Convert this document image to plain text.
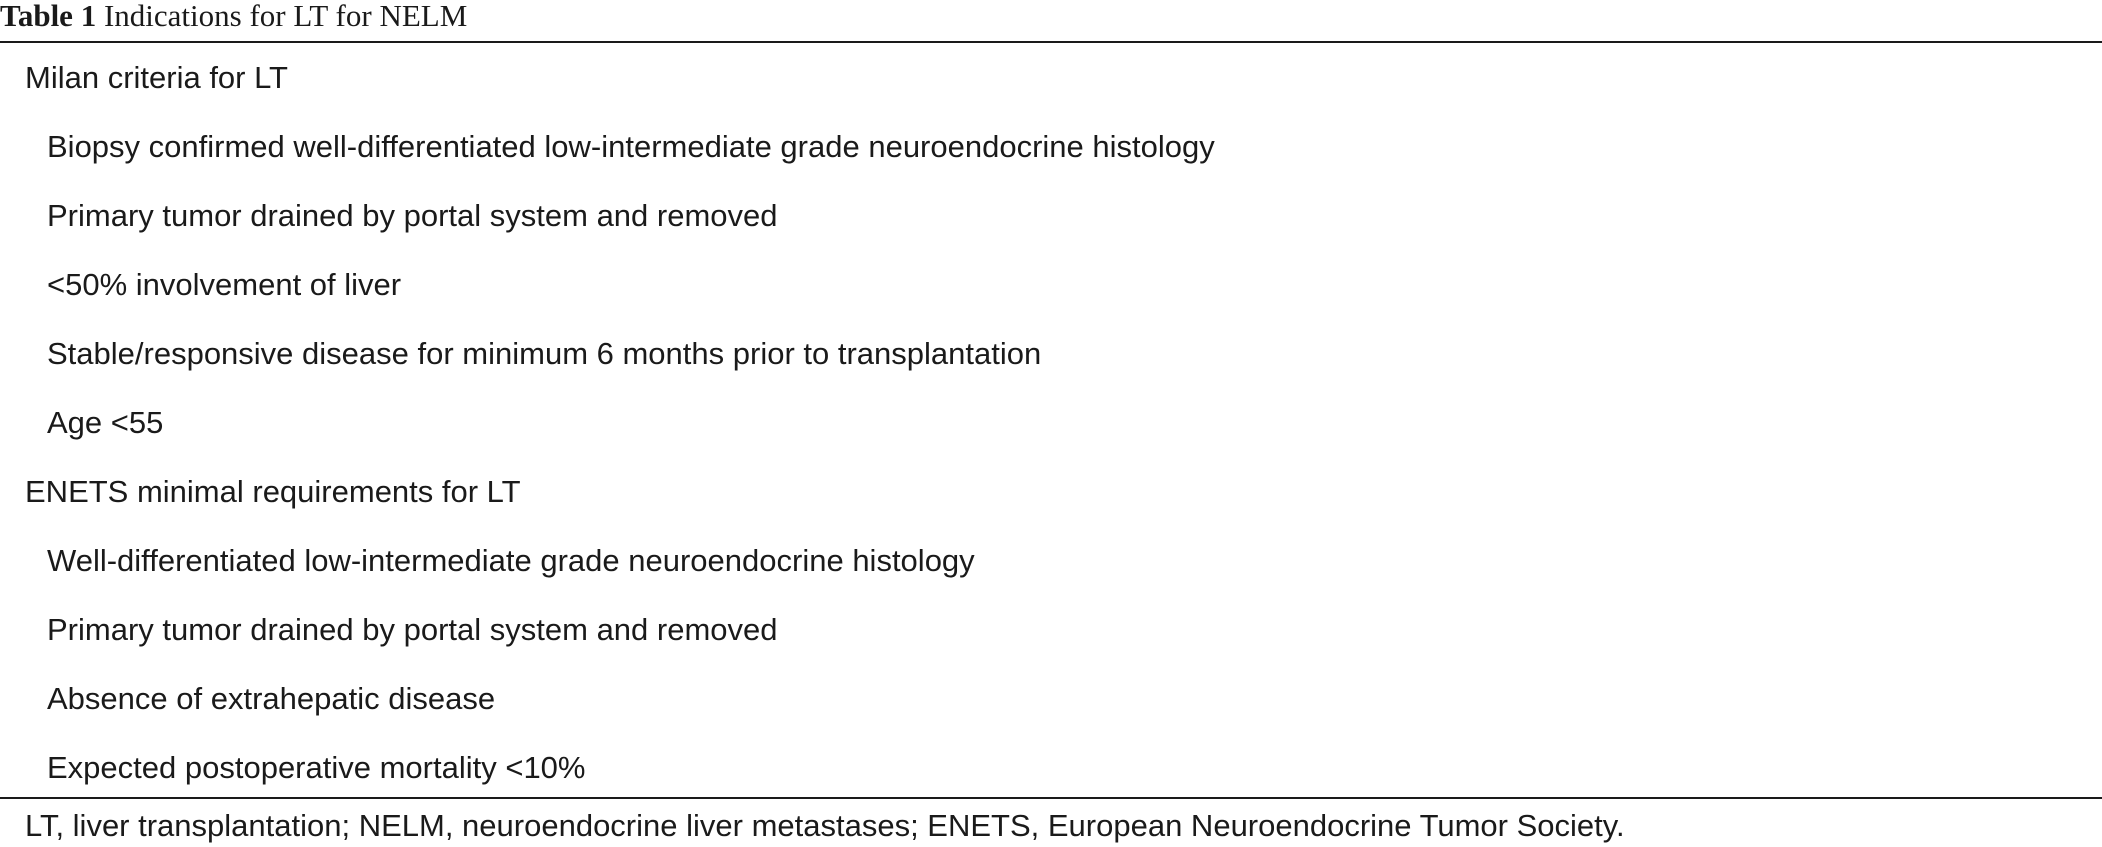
Table 1 Indications for LT for NELM
Milan criteria for LT
Biopsy confirmed well-differentiated low-intermediate grade neuroendocrine histology
Primary tumor drained by portal system and removed
<50% involvement of liver
Stable/responsive disease for minimum 6 months prior to transplantation
Age <55
ENETS minimal requirements for LT
Well-differentiated low-intermediate grade neuroendocrine histology
Primary tumor drained by portal system and removed
Absence of extrahepatic disease
Expected postoperative mortality <10%
LT, liver transplantation; NELM, neuroendocrine liver metastases; ENETS, European Neuroendocrine Tumor Society.
